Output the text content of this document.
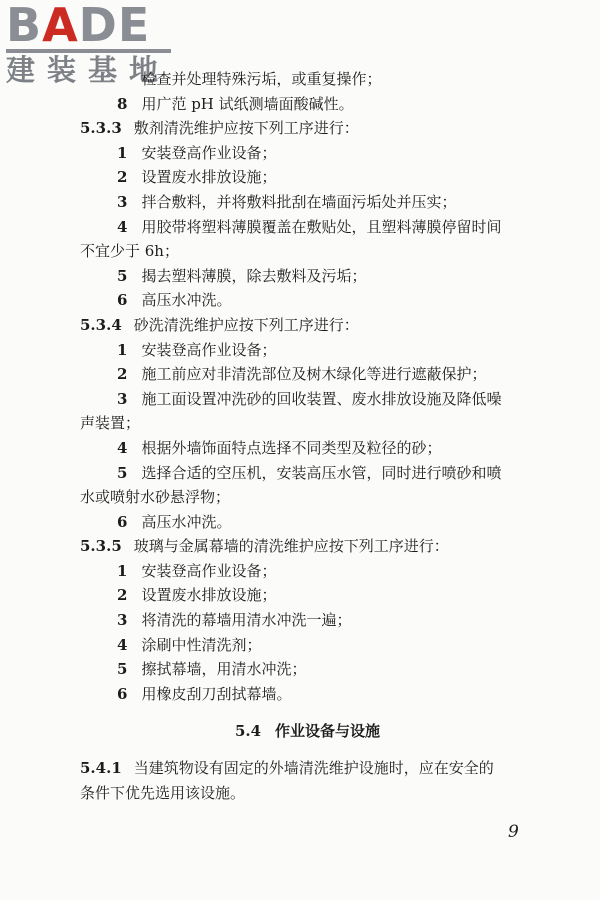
BADE
建装基地
检查并处理特殊污垢，或重复操作；
8 用广范 pH 试纸测墙面酸碱性。
5.3.3 敷剂清洗维护应按下列工序进行：
1 安装登高作业设备；
2 设置废水排放设施；
3 拌合敷料，并将敷料批刮在墙面污垢处并压实；
4 用胶带将塑料薄膜覆盖在敷贴处，且塑料薄膜停留时间
不宜少于 6h；
5 揭去塑料薄膜，除去敷料及污垢；
6 高压水冲洗。
5.3.4 砂洗清洗维护应按下列工序进行：
1 安装登高作业设备；
2 施工前应对非清洗部位及树木绿化等进行遮蔽保护；
3 施工面设置冲洗砂的回收装置、废水排放设施及降低噪
声装置；
4 根据外墙饰面特点选择不同类型及粒径的砂；
5 选择合适的空压机，安装高压水管，同时进行喷砂和喷
水或喷射水砂悬浮物；
6 高压水冲洗。
5.3.5 玻璃与金属幕墙的清洗维护应按下列工序进行：
1 安装登高作业设备；
2 设置废水排放设施；
3 将清洗的幕墙用清水冲洗一遍；
4 涂刷中性清洗剂；
5 擦拭幕墙，用清水冲洗；
6 用橡皮刮刀刮拭幕墙。
5.4 作业设备与设施
5.4.1 当建筑物设有固定的外墙清洗维护设施时，应在安全的
条件下优先选用该设施。
9
